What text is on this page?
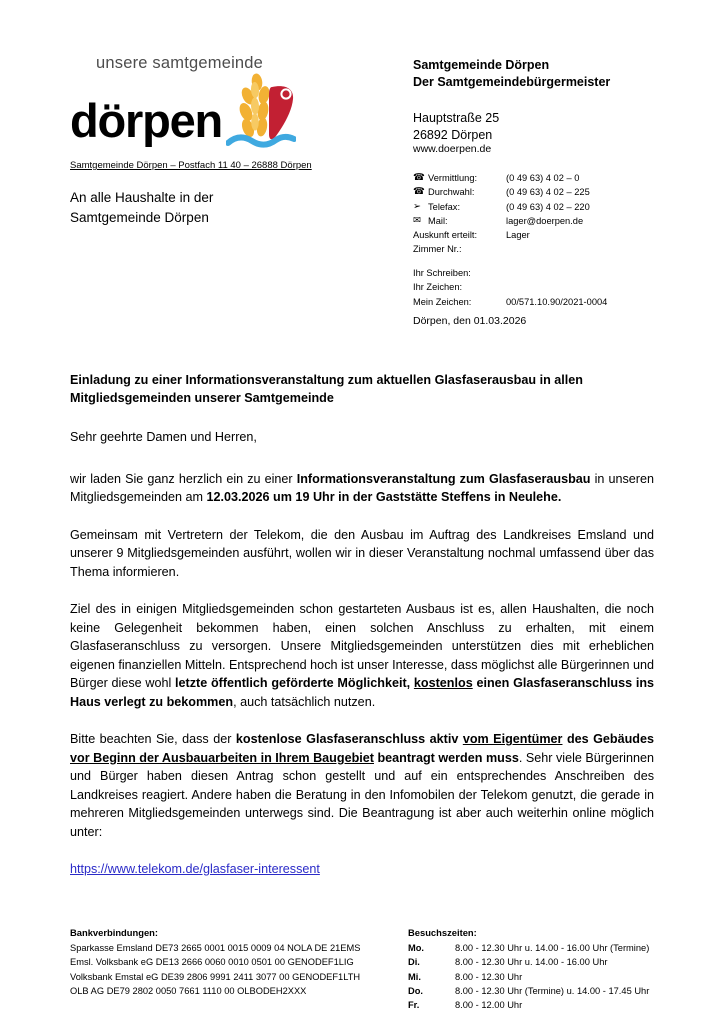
unsere samtgemeinde
dörpen
Samtgemeinde Dörpen – Postfach 11 40 – 26888 Dörpen
An alle Haushalte in der
Samtgemeinde Dörpen
Samtgemeinde Dörpen
Der Samtgemeindebürgermeister
Hauptstraße 25
26892 Dörpen
www.doerpen.de
☎	Vermittlung:	(0 49 63) 4 02 – 0
☎	Durchwahl:	(0 49 63) 4 02 – 225
➢	Telefax:	(0 49 63) 4 02 – 220
✉	Mail:	lager@doerpen.de
Auskunft erteilt:	Lager
Zimmer Nr.:	
Ihr Schreiben:	
Ihr Zeichen:	
Mein Zeichen:	00/571.10.90/2021-0004
Dörpen, den 01.03.2026
Einladung zu einer Informationsveranstaltung zum aktuellen Glasfaserausbau in allen Mitgliedsgemeinden unserer Samtgemeinde
Sehr geehrte Damen und Herren,

wir laden Sie ganz herzlich ein zu einer Informationsveranstaltung zum Glasfaserausbau in unseren Mitgliedsgemeinden am 12.03.2026 um 19 Uhr in der Gaststätte Steffens in Neulehe.

Gemeinsam mit Vertretern der Telekom, die den Ausbau im Auftrag des Landkreises Emsland und unserer 9 Mitgliedsgemeinden ausführt, wollen wir in dieser Veranstaltung nochmal umfassend über das Thema informieren.

Ziel des in einigen Mitgliedsgemeinden schon gestarteten Ausbaus ist es, allen Haushalten, die noch keine Gelegenheit bekommen haben, einen solchen Anschluss zu erhalten, mit einem Glasfaseranschluss zu versorgen. Unsere Mitgliedsgemeinden unterstützen dies mit erheblichen eigenen finanziellen Mitteln. Entsprechend hoch ist unser Interesse, dass möglichst alle Bürgerinnen und Bürger diese wohl letzte öffentlich geförderte Möglichkeit, kostenlos einen Glasfaseranschluss ins Haus verlegt zu bekommen, auch tatsächlich nutzen.

Bitte beachten Sie, dass der kostenlose Glasfaseranschluss aktiv vom Eigentümer des Gebäudes vor Beginn der Ausbauarbeiten in Ihrem Baugebiet beantragt werden muss. Sehr viele Bürgerinnen und Bürger haben diesen Antrag schon gestellt und auf ein entsprechendes Anschreiben des Landkreises reagiert. Andere haben die Beratung in den Infomobilen der Telekom genutzt, die gerade in mehreren Mitgliedsgemeinden unterwegs sind. Die Beantragung ist aber auch weiterhin online möglich unter:

https://www.telekom.de/glasfaser-interessent
Bankverbindungen:
Sparkasse Emsland DE73 2665 0001 0015 0009 04 NOLA DE 21EMS
Emsl. Volksbank eG DE13 2666 0060 0010 0501 00 GENODEF1LIG
Volksbank Emstal eG DE39 2806 9991 2411 3077 00 GENODEF1LTH
OLB AG DE79 2802 0050 7661 1110 00 OLBODEH2XXX
Besuchszeiten:
Mo.	8.00 - 12.30 Uhr u. 14.00 - 16.00 Uhr (Termine)
Di.	8.00 - 12.30 Uhr u. 14.00 - 16.00 Uhr
Mi.	8.00 - 12.30 Uhr
Do.	8.00 - 12.30 Uhr (Termine) u. 14.00 - 17.45 Uhr
Fr.	8.00 - 12.00 Uhr
